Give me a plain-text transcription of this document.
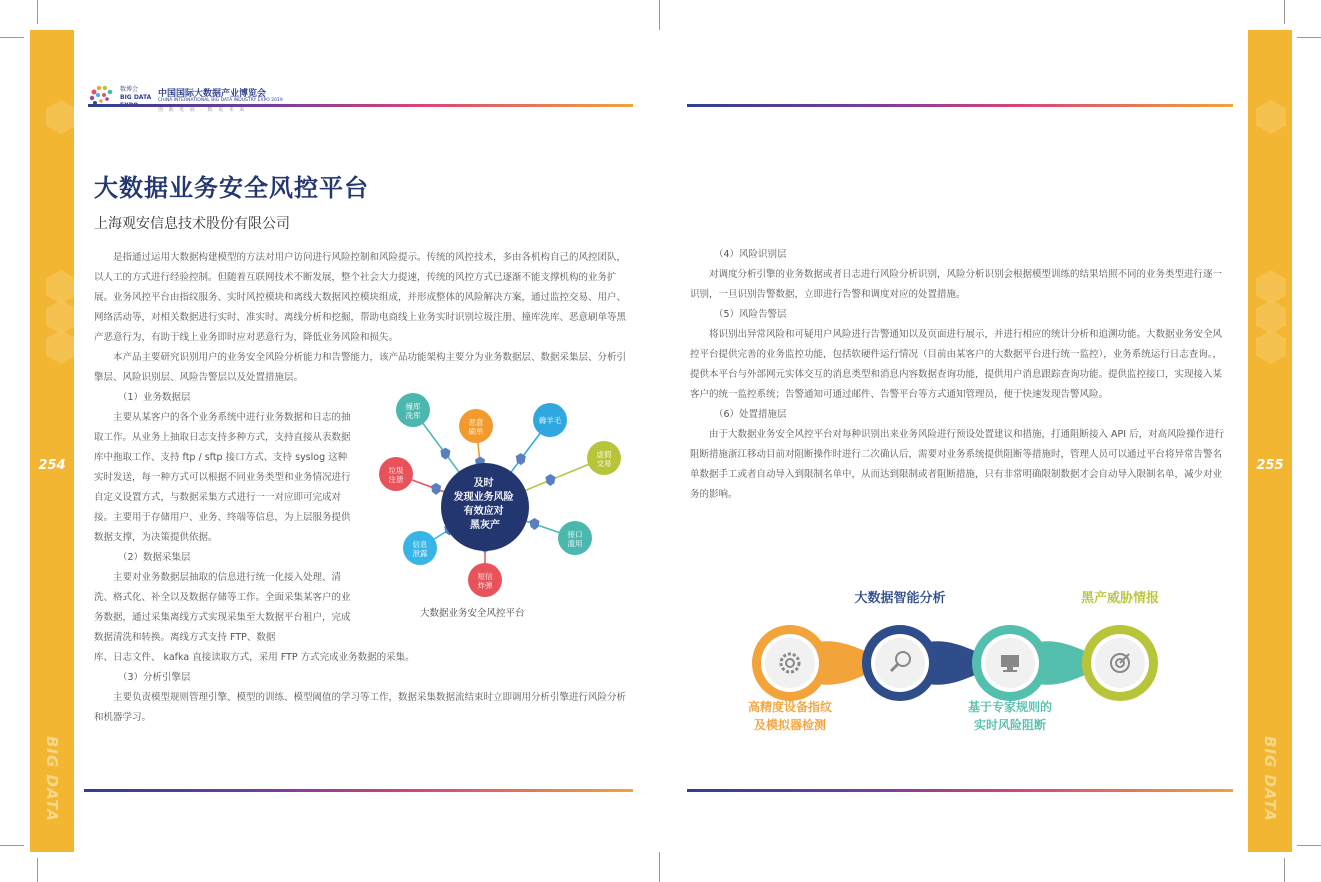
254
BIG DATA
255
BIG DATA
数博会
BIG DATA 中国国际大数据产业博览会
CHINA INTERNATIONAL BIG DATA INDUSTRY EXPO 2019
创 新 发 展 · 数 说 未 来
大数据业务安全风控平台
上海观安信息技术股份有限公司

是指通过运用大数据构建模型的方法对用户访问进行风险控制和风险提示。传统的风控技术，多由各机构自己的风控团队，以人工的方式进行经验控制。但随着互联网技术不断发展，整个社会大力提速，传统的风控方式已逐渐不能支撑机构的业务扩展。业务风控平台由指纹服务、实时风控模块和离线大数据风控模块组成，并形成整体的风险解决方案，通过监控交易、用户、网络活动等，对相关数据进行实时、准实时、离线分析和挖掘，帮助电商线上业务实时识别垃圾注册、撞库洗库、恶意刷单等黑产恶意行为，有助于线上业务即时应对恶意行为，降低业务风险和损失。

本产品主要研究识别用户的业务安全风险分析能力和告警能力，该产品功能架构主要分为业务数据层、数据采集层、分析引擎层、风险识别层、风险告警层以及处置措施层。

（1）业务数据层

主要从某客户的各个业务系统中进行业务数据和日志的抽取工作。从业务上抽取日志支持多种方式，支持直接从表数据库中拖取工作、支持 ftp / sftp 接口方式、支持 syslog 这种实时发送，每一种方式可以根据不同业务类型和业务情况进行自定义设置方式，与数据采集方式进行一一对应即可完成对接。主要用于存储用户、业务、终端等信息，为上层服务提供数据支撑，为决策提供依据。

（2）数据采集层

主要对业务数据层抽取的信息进行统一化接入处理、清洗、格式化、补全以及数据存储等工作。全面采集某客户的业务数据，通过采集离线方式实现采集至大数据平台租户，完成数据清洗和转换。离线方式支持 FTP、数据

库、日志文件、 kafka 直接读取方式，采用 FTP 方式完成业务数据的采集。

（3）分析引擎层

主要负责模型规则管理引擎、模型的训练、模型阈值的学习等工作，数据采集数据流结束时立即调用分析引擎进行风险分析和机器学习。

及时 发现业务风险 有效应对 黑灰产
撞库洗库
恶意刷单
薅羊毛
虚假交易
接口滥用
短信炸弹
信息泄露
垃圾注册
大数据业务安全风控平台

（4）风险识别层

对调度分析引擎的业务数据或者日志进行风险分析识别，风险分析识别会根据模型训练的结果培照不同的业务类型进行逐一识别，一旦识别告警数据，立即进行告警和调度对应的处置措施。

（5）风险告警层

将识别出异常风险和可疑用户风险进行告警通知以及页面进行展示，并进行相应的统计分析和追溯功能。大数据业务安全风控平台提供完善的业务监控功能，包括软硬件运行情况（目前由某客户的大数据平台进行统一监控），业务系统运行日志查询。，提供本平台与外部网元实体交互的消息类型和消息内容数据查询功能，提供用户消息跟踪查询功能。提供监控接口，实现接入某客户的统一监控系统；告警通知可通过邮件、告警平台等方式通知管理员，便于快速发现告警风险。

（6）处置措施层

由于大数据业务安全风控平台对每种识别出来业务风险进行预设处置建议和措施，打通阻断接入 API 后，对高风险操作进行阻断措施浙江移动目前对阻断操作时进行二次确认后，需要对业务系统提供阻断等措施时，管理人员可以通过平台将异常告警名单数据手工或者自动导入到限制名单中，从而达到限制或者阻断措施，只有非常明确限制数据才会自动导入限制名单，减少对业务的影响。

大数据智能分析	黑产威胁情报
高精度设备指纹
及模拟器检测
基于专家规则的
实时风险阻断
